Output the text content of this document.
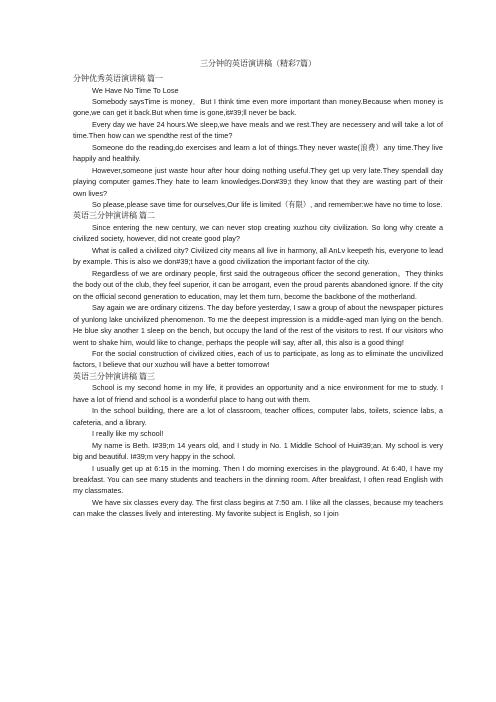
三分钟的英语演讲稿（精彩7篇）
分钟优秀英语演讲稿 篇一

We Have No Time To Lose

Somebody saysTime is money．But I think time even more important than money.Because when money is gone,we can get it back.But when time is gone,it#39;ll never be back.

Every day we have 24 hours.We sleep,we have meals and we rest.They are necessery and will take a lot of time.Then how can we spendthe rest of the time?

Someone do the reading,do exercises and learn a lot of things.They never waste(浪费）any time.They live happily and healthily.

However,someone just waste hour after hour doing nothing useful.They get up very late.They spendall day playing computer games.They hate to learn knowledges.Don#39;t they know that they are wasting part of their own lives?

So please,please save time for ourselves,Our life is limited（有限）, and remember:we have no time to lose.

英语三分钟演讲稿 篇二

Since entering the new century, we can never stop creating xuzhou city civilization. So long why create a civilized society, however, did not create good play?

What is called a civilized city? Civilized city means all live in harmony, all AnLv keepeth his, everyone to lead by example. This is also we don#39;t have a good civilization the important factor of the city.

Regardless of we are ordinary people, first said the outrageous officer the second generation。They thinks the body out of the club, they feel superior, it can be arrogant, even the proud parents abandoned ignore. If the city on the official second generation to education, may let them turn, become the backbone of the motherland.

Say again we are ordinary citizens. The day before yesterday, I saw a group of about the newspaper pictures of yunlong lake uncivilized phenomenon. To me the deepest impression is a middle-aged man lying on the bench. He blue sky another 1 sleep on the bench, but occupy the land of the rest of the visitors to rest. If our visitors who went to shake him, would like to change, perhaps the people will say, after all, this also is a good thing!

For the social construction of civilized cities, each of us to participate, as long as to eliminate the uncivilized factors, I believe that our xuzhou will have a better tomorrow!

英语三分钟演讲稿 篇三

School is my second home in my life, it provides an opportunity and a nice environment for me to study. I have a lot of friend and school is a wonderful place to hang out with them.

In the school building, there are a lot of classroom, teacher offices, computer labs, toilets, science labs, a cafeteria, and a library.

I really like my school!

My name is Beth. I#39;m 14 years old, and I study in No. 1 Middle School of Hui#39;an. My school is very big and beautiful. I#39;m very happy in the school.

I usually get up at 6:15 in the morning. Then I do morning exercises in the playground. At 6:40, I have my breakfast. You can see many students and teachers in the dinning room. After breakfast, I often read English with my classmates.

We have six classes every day. The first class begins at 7:50 am. I like all the classes, because my teachers can make the classes lively and interesting. My favorite subject is English, so I join
